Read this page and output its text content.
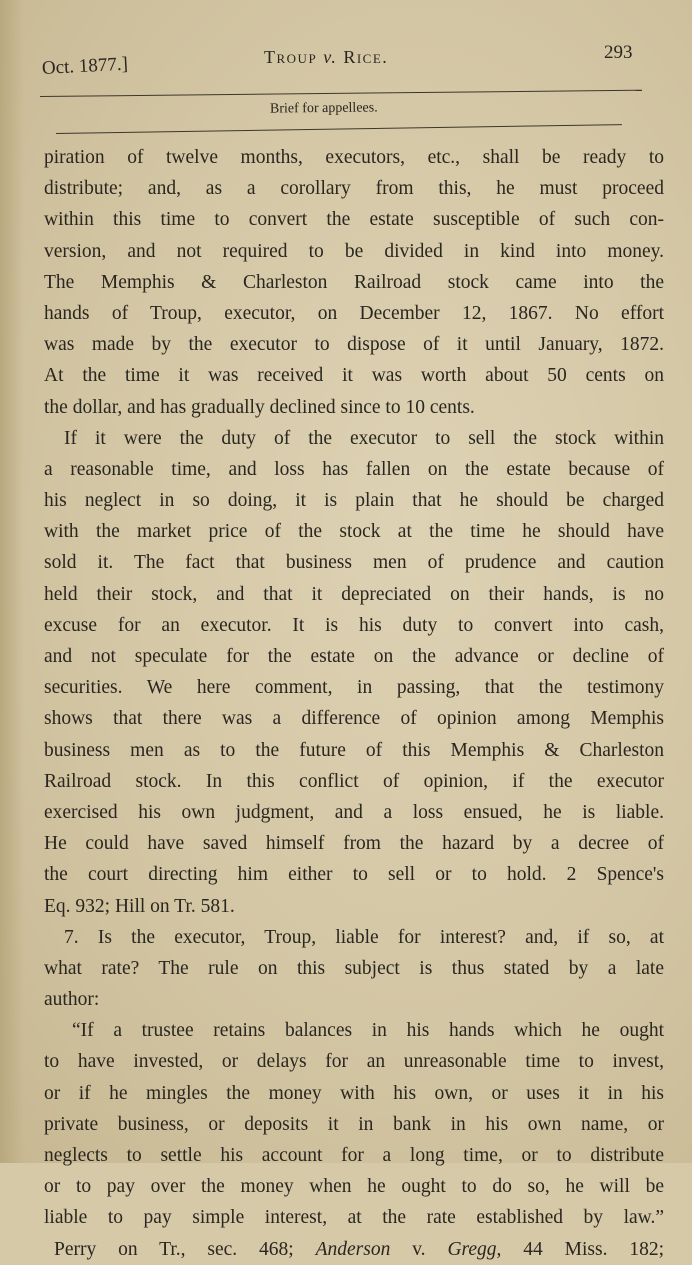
Oct. 1877.]	Troup v. Rice.	293
Brief for appellees.
piration of twelve months, executors, etc., shall be ready to
distribute; and, as a corollary from this, he must proceed
within this time to convert the estate susceptible of such con-
version, and not required to be divided in kind into money.
The Memphis & Charleston Railroad stock came into the
hands of Troup, executor, on December 12, 1867. No effort
was made by the executor to dispose of it until January, 1872.
At the time it was received it was worth about 50 cents on
the dollar, and has gradually declined since to 10 cents.
If it were the duty of the executor to sell the stock within
a reasonable time, and loss has fallen on the estate because of
his neglect in so doing, it is plain that he should be charged
with the market price of the stock at the time he should have
sold it. The fact that business men of prudence and caution
held their stock, and that it depreciated on their hands, is no
excuse for an executor. It is his duty to convert into cash,
and not speculate for the estate on the advance or decline of
securities. We here comment, in passing, that the testimony
shows that there was a difference of opinion among Memphis
business men as to the future of this Memphis & Charleston
Railroad stock. In this conflict of opinion, if the executor
exercised his own judgment, and a loss ensued, he is liable.
He could have saved himself from the hazard by a decree of
the court directing him either to sell or to hold. 2 Spence's
Eq. 932; Hill on Tr. 581.
7. Is the executor, Troup, liable for interest? and, if so, at
what rate? The rule on this subject is thus stated by a late
author:
“If a trustee retains balances in his hands which he ought
to have invested, or delays for an unreasonable time to invest,
or if he mingles the money with his own, or uses it in his
private business, or deposits it in bank in his own name, or
neglects to settle his account for a long time, or to distribute
or to pay over the money when he ought to do so, he will be
liable to pay simple interest, at the rate established by law.”
Perry on Tr., sec. 468; Anderson v. Gregg, 44 Miss. 182;
